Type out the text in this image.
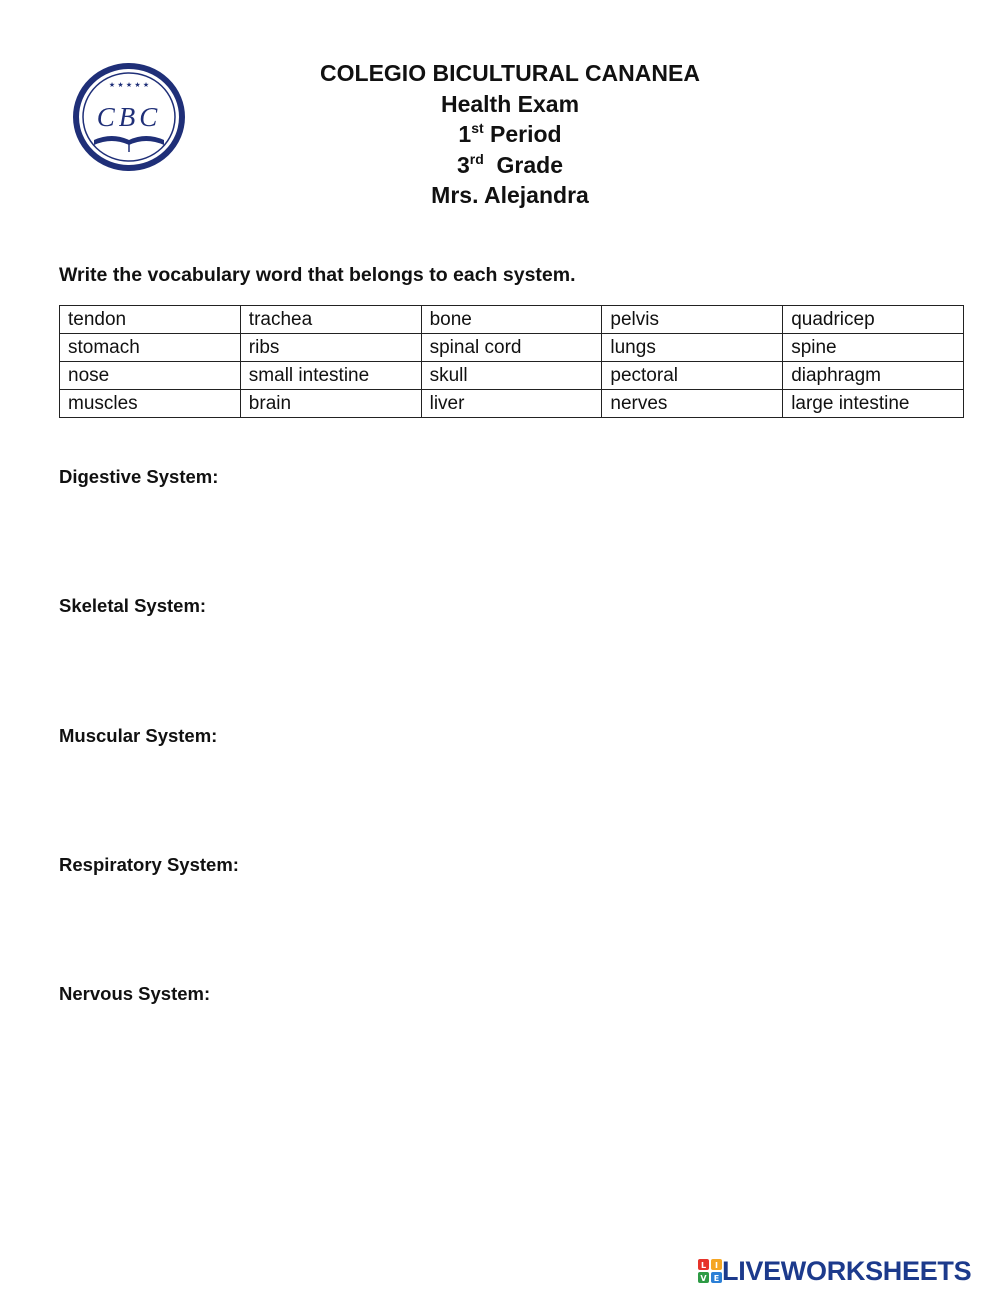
★ ★ ★ ★ ★
CBC
COLEGIO BICULTURAL CANANEA
Health Exam
1st Period
3rd Grade
Mrs. Alejandra
Write the vocabulary word that belongs to each system.
tendon	trachea	bone	pelvis	quadricep
stomach	ribs	spinal cord	lungs	spine
nose	small intestine	skull	pectoral	diaphragm
muscles	brain	liver	nerves	large intestine
Digestive System:
Skeletal System:
Muscular System:
Respiratory System:
Nervous System:
L I
V E LIVEWORKSHEETS
